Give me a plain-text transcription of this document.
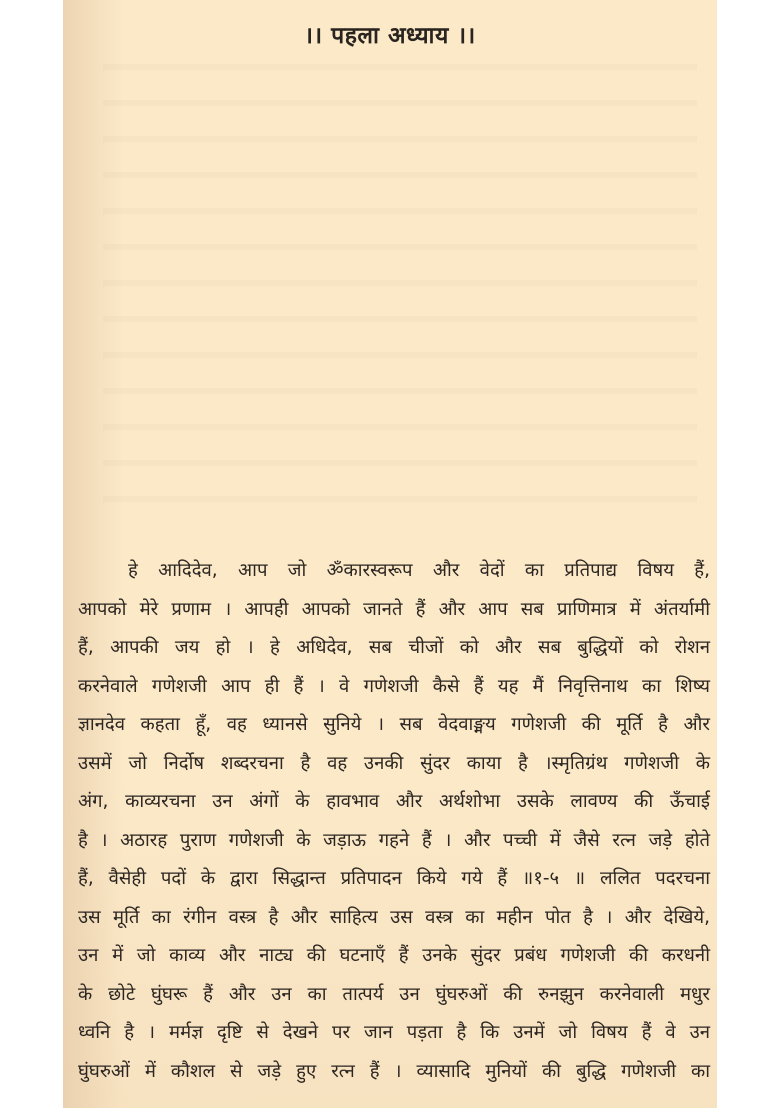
।। पहला अध्याय ।।
हे आदिदेव, आप जो ॐकारस्वरूप और वेदों का प्रतिपाद्य विषय हैं,
आपको मेरे प्रणाम । आपही आपको जानते हैं और आप सब प्राणिमात्र में अंतर्यामी
हैं, आपकी जय हो । हे अधिदेव, सब चीजों को और सब बुद्धियों को रोशन
करनेवाले गणेशजी आप ही हैं । वे गणेशजी कैसे हैं यह मैं निवृत्तिनाथ का शिष्य
ज्ञानदेव कहता हूँ, वह ध्यानसे सुनिये । सब वेदवाङ्मय गणेशजी की मूर्ति है और
उसमें जो निर्दोष शब्दरचना है वह उनकी सुंदर काया है ।स्मृतिग्रंथ गणेशजी के
अंग, काव्यरचना उन अंगों के हावभाव और अर्थशोभा उसके लावण्य की ऊँचाई
है । अठारह पुराण गणेशजी के जड़ाऊ गहने हैं । और पच्ची में जैसे रत्न जड़े होते
हैं, वैसेही पदों के द्वारा सिद्धान्त प्रतिपादन किये गये हैं ॥१-५ ॥ ललित पदरचना
उस मूर्ति का रंगीन वस्त्र है और साहित्य उस वस्त्र का महीन पोत है । और देखिये,
उन में जो काव्य और नाट्य की घटनाएँ हैं उनके सुंदर प्रबंध गणेशजी की करधनी
के छोटे घुंघरू हैं और उन का तात्पर्य उन घुंघरुओं की रुनझुन करनेवाली मधुर
ध्वनि है । मर्मज्ञ दृष्टि से देखने पर जान पड़ता है कि उनमें जो विषय हैं वे उन
घुंघरुओं में कौशल से जड़े हुए रत्न हैं । व्यासादि मुनियों की बुद्धि गणेशजी का
